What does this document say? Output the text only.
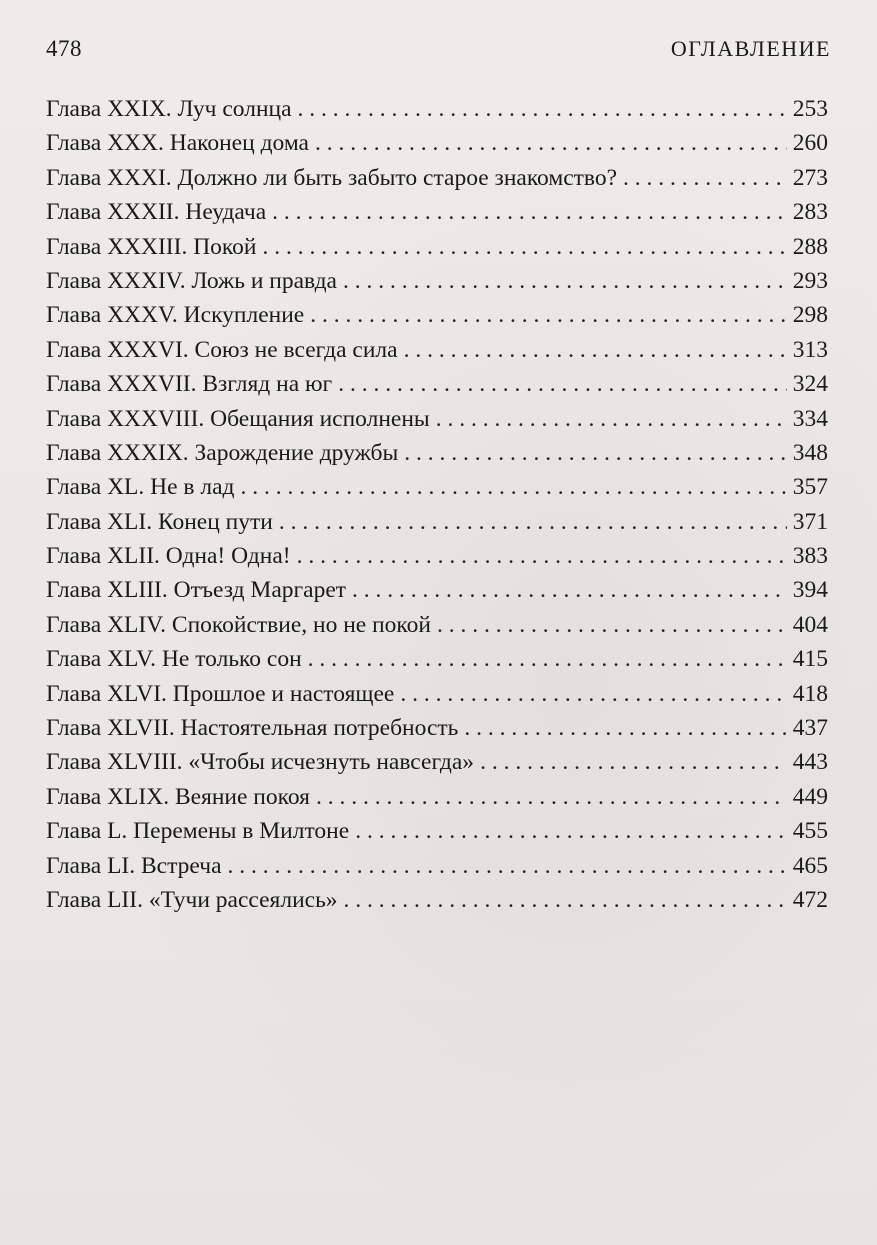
478	ОГЛАВЛЕНИЕ
Глава XXIX. Луч солнца . . .	253
Глава XXX. Наконец дома . . .	260
Глава XXXI. Должно ли быть забыто старое знакомство? . . .	273
Глава XXXII. Неудача . . .	283
Глава XXXIII. Покой . . .	288
Глава XXXIV. Ложь и правда . . .	293
Глава XXXV. Искупление . . .	298
Глава XXXVI. Союз не всегда сила . . .	313
Глава XXXVII. Взгляд на юг . . .	324
Глава XXXVIII. Обещания исполнены . . .	334
Глава XXXIX. Зарождение дружбы . . .	348
Глава XL. Не в лад . . .	357
Глава XLI. Конец пути . . .	371
Глава XLII. Одна! Одна! . . .	383
Глава XLIII. Отъезд Маргарет . . .	394
Глава XLIV. Спокойствие, но не покой . . .	404
Глава XLV. Не только сон . . .	415
Глава XLVI. Прошлое и настоящее . . .	418
Глава XLVII. Настоятельная потребность . . .	437
Глава XLVIII. «Чтобы исчезнуть навсегда» . . .	443
Глава XLIX. Веяние покоя . . .	449
Глава L. Перемены в Милтоне . . .	455
Глава LI. Встреча . . .	465
Глава LII. «Тучи рассеялись» . . .	472
